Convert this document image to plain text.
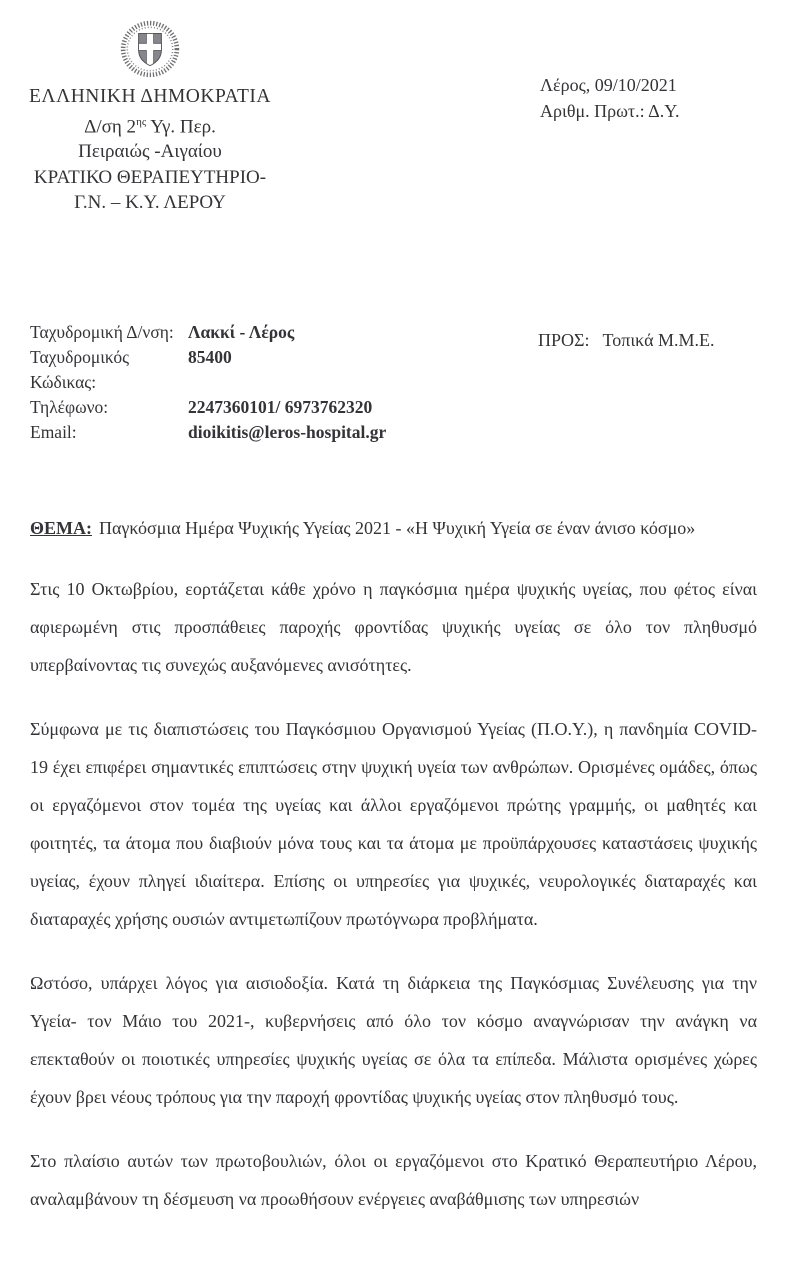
ΕΛΛΗΝΙΚΗ ΔΗΜΟΚΡΑΤΙΑ
Δ/ση $2^{\eta\varsigma}$ Υγ. Περ.
Πειραιώς -Αιγαίου
ΚΡΑΤΙΚΟ ΘΕΡΑΠΕΥΤΗΡΙΟ-
Γ.Ν. – Κ.Υ. ΛΕΡΟΥ
Λέρος, 09/10/2021
Αριθμ. Πρωτ.: Δ.Υ.
Ταχυδρομική Δ/νση: Λακκί - Λέρος
Ταχυδρομικός Κώδικας:
85400
Τηλέφωνο:	2247360101/ 6973762320
Email:	dioikitis@leros-hospital.gr
ΠΡΟΣ: Τοπικά Μ.Μ.Ε.
ΘΕΜΑ: Παγκόσμια Ημέρα Ψυχικής Υγείας 2021 - «Η Ψυχική Υγεία σε έναν άνισο κόσμο»

Στις 10 Οκτωβρίου, εορτάζεται κάθε χρόνο η παγκόσμια ημέρα ψυχικής υγείας, που φέτος είναι αφιερωμένη στις προσπάθειες παροχής φροντίδας ψυχικής υγείας σε όλο τον πληθυσμό υπερβαίνοντας τις συνεχώς αυξανόμενες ανισότητες.

Σύμφωνα με τις διαπιστώσεις του Παγκόσμιου Οργανισμού Υγείας (Π.Ο.Υ.), η πανδημία COVID-19 έχει επιφέρει σημαντικές επιπτώσεις στην ψυχική υγεία των ανθρώπων. Ορισμένες ομάδες, όπως οι εργαζόμενοι στον τομέα της υγείας και άλλοι εργαζόμενοι πρώτης γραμμής, οι μαθητές και φοιτητές, τα άτομα που διαβιούν μόνα τους και τα άτομα με προϋπάρχουσες καταστάσεις ψυχικής υγείας, έχουν πληγεί ιδιαίτερα. Επίσης οι υπηρεσίες για ψυχικές, νευρολογικές διαταραχές και διαταραχές χρήσης ουσιών αντιμετωπίζουν πρωτόγνωρα προβλήματα.

Ωστόσο, υπάρχει λόγος για αισιοδοξία. Κατά τη διάρκεια της Παγκόσμιας Συνέλευσης για την Υγεία- τον Μάιο του 2021-, κυβερνήσεις από όλο τον κόσμο αναγνώρισαν την ανάγκη να επεκταθούν οι ποιοτικές υπηρεσίες ψυχικής υγείας σε όλα τα επίπεδα. Μάλιστα ορισμένες χώρες έχουν βρει νέους τρόπους για την παροχή φροντίδας ψυχικής υγείας στον πληθυσμό τους.

Στο πλαίσιο αυτών των πρωτοβουλιών, όλοι οι εργαζόμενοι στο Κρατικό Θεραπευτήριο Λέρου, αναλαμβάνουν τη δέσμευση να προωθήσουν ενέργειες αναβάθμισης των υπηρεσιών
